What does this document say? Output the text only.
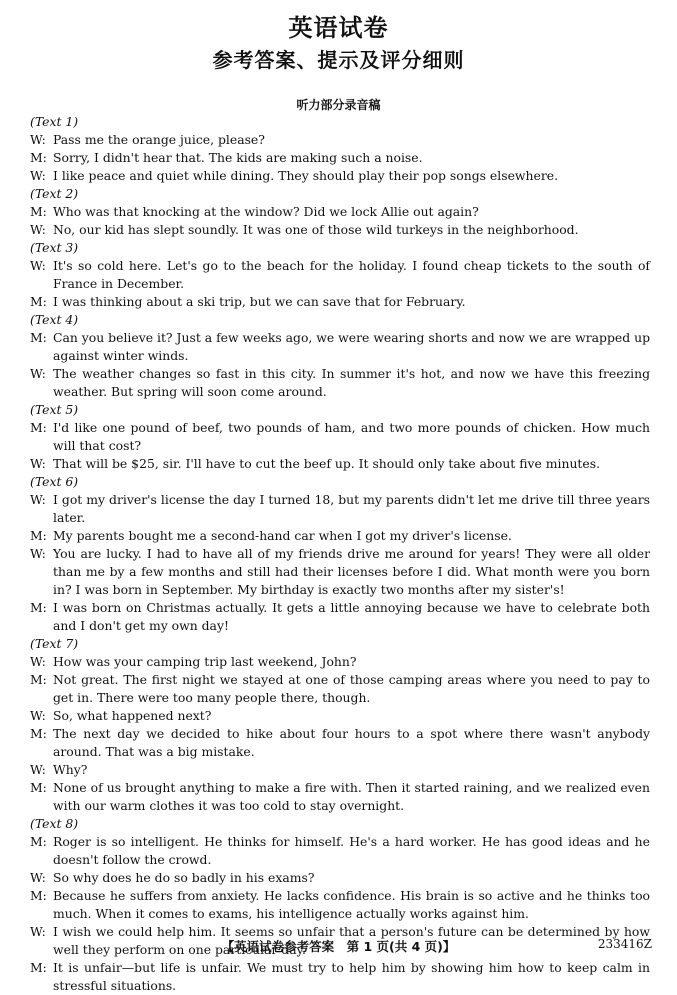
英语试卷
参考答案、提示及评分细则
听力部分录音稿
(Text 1)
W: Pass me the orange juice, please?
M: Sorry, I didn't hear that. The kids are making such a noise.
W: I like peace and quiet while dining. They should play their pop songs elsewhere.
(Text 2)
M: Who was that knocking at the window? Did we lock Allie out again?
W: No, our kid has slept soundly. It was one of those wild turkeys in the neighborhood.
(Text 3)
W: It's so cold here. Let's go to the beach for the holiday. I found cheap tickets to the south of France in December.
M: I was thinking about a ski trip, but we can save that for February.
(Text 4)
M: Can you believe it? Just a few weeks ago, we were wearing shorts and now we are wrapped up against winter winds.
W: The weather changes so fast in this city. In summer it's hot, and now we have this freezing weather. But spring will soon come around.
(Text 5)
M: I'd like one pound of beef, two pounds of ham, and two more pounds of chicken. How much will that cost?
W: That will be $25, sir. I'll have to cut the beef up. It should only take about five minutes.
(Text 6)
W: I got my driver's license the day I turned 18, but my parents didn't let me drive till three years later.
M: My parents bought me a second-hand car when I got my driver's license.
W: You are lucky. I had to have all of my friends drive me around for years! They were all older than me by a few months and still had their licenses before I did. What month were you born in? I was born in September. My birthday is exactly two months after my sister's!
M: I was born on Christmas actually. It gets a little annoying because we have to celebrate both and I don't get my own day!
(Text 7)
W: How was your camping trip last weekend, John?
M: Not great. The first night we stayed at one of those camping areas where you need to pay to get in. There were too many people there, though.
W: So, what happened next?
M: The next day we decided to hike about four hours to a spot where there wasn't anybody around. That was a big mistake.
W: Why?
M: None of us brought anything to make a fire with. Then it started raining, and we realized even with our warm clothes it was too cold to stay overnight.
(Text 8)
M: Roger is so intelligent. He thinks for himself. He's a hard worker. He has good ideas and he doesn't follow the crowd.
W: So why does he do so badly in his exams?
M: Because he suffers from anxiety. He lacks confidence. His brain is so active and he thinks too much. When it comes to exams, his intelligence actually works against him.
W: I wish we could help him. It seems so unfair that a person's future can be determined by how well they perform on one particular day.
M: It is unfair—but life is unfair. We must try to help him by showing him how to keep calm in stressful situations.
【英语试卷参考答案　第 1 页(共 4 页)】	233416Z
